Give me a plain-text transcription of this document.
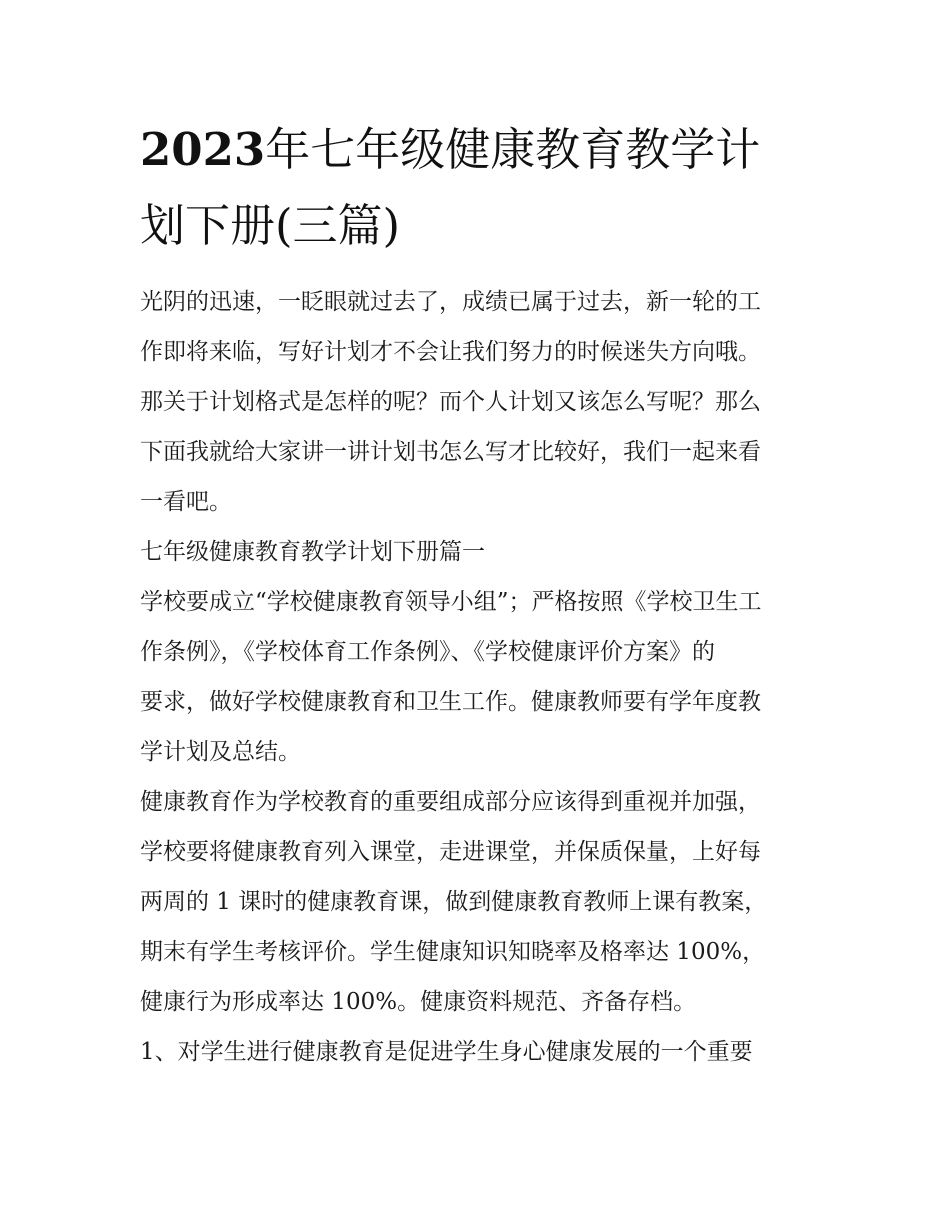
2023年七年级健康教育教学计
划下册(三篇)
光阴的迅速，一眨眼就过去了，成绩已属于过去，新一轮的工
作即将来临，写好计划才不会让我们努力的时候迷失方向哦。
那关于计划格式是怎样的呢？而个人计划又该怎么写呢？那么
下面我就给大家讲一讲计划书怎么写才比较好，我们一起来看
一看吧。
七年级健康教育教学计划下册篇一
学校要成立“学校健康教育领导小组”；严格按照《学校卫生工
作条例》，《学校体育工作条例》、《学校健康评价方案》的
要求，做好学校健康教育和卫生工作。健康教师要有学年度教
学计划及总结。
健康教育作为学校教育的重要组成部分应该得到重视并加强，
学校要将健康教育列入课堂，走进课堂，并保质保量，上好每
两周的 1 课时的健康教育课，做到健康教育教师上课有教案，
期末有学生考核评价。学生健康知识知晓率及格率达 100%，
健康行为形成率达 100%。健康资料规范、齐备存档。
1、对学生进行健康教育是促进学生身心健康发展的一个重要
